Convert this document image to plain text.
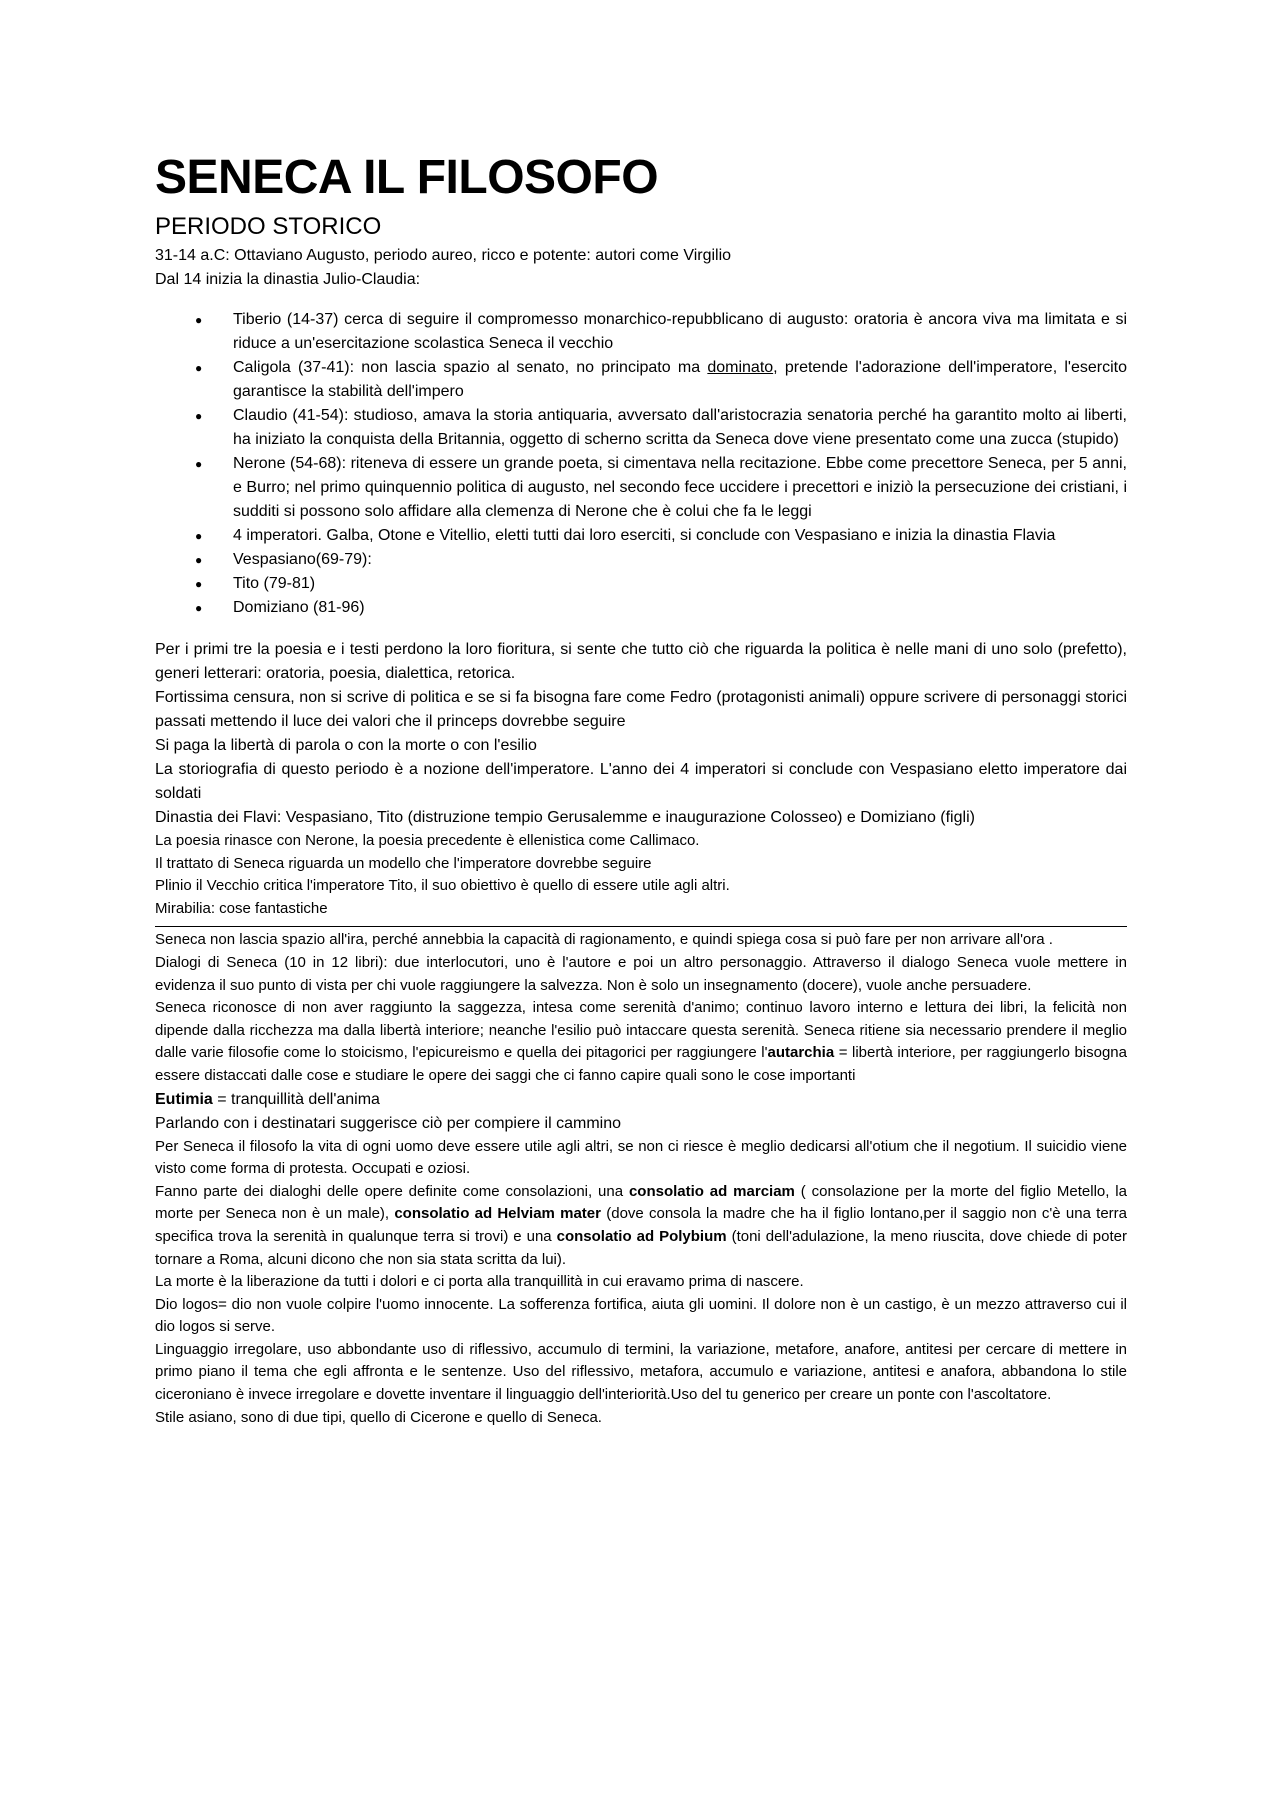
SENECA IL FILOSOFO
PERIODO STORICO

31-14 a.C: Ottaviano Augusto, periodo aureo, ricco e potente: autori come Virgilio

Dal 14 inizia la dinastia Julio-Claudia:

● Tiberio (14-37) cerca di seguire il compromesso monarchico-repubblicano di augusto: oratoria è ancora viva ma limitata e si riduce a un'esercitazione scolastica Seneca il vecchio
● Caligola (37-41): non lascia spazio al senato, no principato ma dominato, pretende l'adorazione dell'imperatore, l'esercito garantisce la stabilità dell'impero
● Claudio (41-54): studioso, amava la storia antiquaria, avversato dall'aristocrazia senatoria perché ha garantito molto ai liberti, ha iniziato la conquista della Britannia, oggetto di scherno scritta da Seneca dove viene presentato come una zucca (stupido)
● Nerone (54-68): riteneva di essere un grande poeta, si cimentava nella recitazione. Ebbe come precettore Seneca, per 5 anni, e Burro; nel primo quinquennio politica di augusto, nel secondo fece uccidere i precettori e iniziò la persecuzione dei cristiani, i sudditi si possono solo affidare alla clemenza di Nerone che è colui che fa le leggi
● 4 imperatori. Galba, Otone e Vitellio, eletti tutti dai loro eserciti, si conclude con Vespasiano e inizia la dinastia Flavia
● Vespasiano(69-79):
● Tito (79-81)
● Domiziano (81-96)

Per i primi tre la poesia e i testi perdono la loro fioritura, si sente che tutto ciò che riguarda la politica è nelle mani di uno solo (prefetto), generi letterari: oratoria, poesia, dialettica, retorica.

Fortissima censura, non si scrive di politica e se si fa bisogna fare come Fedro (protagonisti animali) oppure scrivere di personaggi storici passati mettendo il luce dei valori che il princeps dovrebbe seguire

Si paga la libertà di parola o con la morte o con l'esilio

La storiografia di questo periodo è a nozione dell'imperatore. L'anno dei 4 imperatori si conclude con Vespasiano eletto imperatore dai soldati

Dinastia dei Flavi: Vespasiano, Tito (distruzione tempio Gerusalemme e inaugurazione Colosseo) e Domiziano (figli)

La poesia rinasce con Nerone, la poesia precedente è ellenistica come Callimaco.

Il trattato di Seneca riguarda un modello che l'imperatore dovrebbe seguire

Plinio il Vecchio critica l'imperatore Tito, il suo obiettivo è quello di essere utile agli altri.

Mirabilia: cose fantastiche

Seneca non lascia spazio all'ira, perché annebbia la capacità di ragionamento, e quindi spiega cosa si può fare per non arrivare all'ora .

Dialogi di Seneca (10 in 12 libri): due interlocutori, uno è l'autore e poi un altro personaggio. Attraverso il dialogo Seneca vuole mettere in evidenza il suo punto di vista per chi vuole raggiungere la salvezza. Non è solo un insegnamento (docere), vuole anche persuadere.

Seneca riconosce di non aver raggiunto la saggezza, intesa come serenità d'animo; continuo lavoro interno e lettura dei libri, la felicità non dipende dalla ricchezza ma dalla libertà interiore; neanche l'esilio può intaccare questa serenità. Seneca ritiene sia necessario prendere il meglio dalle varie filosofie come lo stoicismo, l'epicureismo e quella dei pitagorici per raggiungere l'autarchia = libertà interiore, per raggiungerlo bisogna essere distaccati dalle cose e studiare le opere dei saggi che ci fanno capire quali sono le cose importanti

Eutimia = tranquillità dell'anima

Parlando con i destinatari suggerisce ciò per compiere il cammino

Per Seneca il filosofo la vita di ogni uomo deve essere utile agli altri, se non ci riesce è meglio dedicarsi all'otium che il negotium. Il suicidio viene visto come forma di protesta. Occupati e oziosi.

Fanno parte dei dialoghi delle opere definite come consolazioni, una consolatio ad marciam ( consolazione per la morte del figlio Metello, la morte per Seneca non è un male), consolatio ad Helviam mater (dove consola la madre che ha il figlio lontano,per il saggio non c'è una terra specifica trova la serenità in qualunque terra si trovi) e una consolatio ad Polybium (toni dell'adulazione, la meno riuscita, dove chiede di poter tornare a Roma, alcuni dicono che non sia stata scritta da lui).

La morte è la liberazione da tutti i dolori e ci porta alla tranquillità in cui eravamo prima di nascere.

Dio logos= dio non vuole colpire l'uomo innocente. La sofferenza fortifica, aiuta gli uomini. Il dolore non è un castigo, è un mezzo attraverso cui il dio logos si serve.

Linguaggio irregolare, uso abbondante uso di riflessivo, accumulo di termini, la variazione, metafore, anafore, antitesi per cercare di mettere in primo piano il tema che egli affronta e le sentenze. Uso del riflessivo, metafora, accumulo e variazione, antitesi e anafora, abbandona lo stile ciceroniano è invece irregolare e dovette inventare il linguaggio dell'interiorità.Uso del tu generico per creare un ponte con l'ascoltatore.

Stile asiano, sono di due tipi, quello di Cicerone e quello di Seneca.
